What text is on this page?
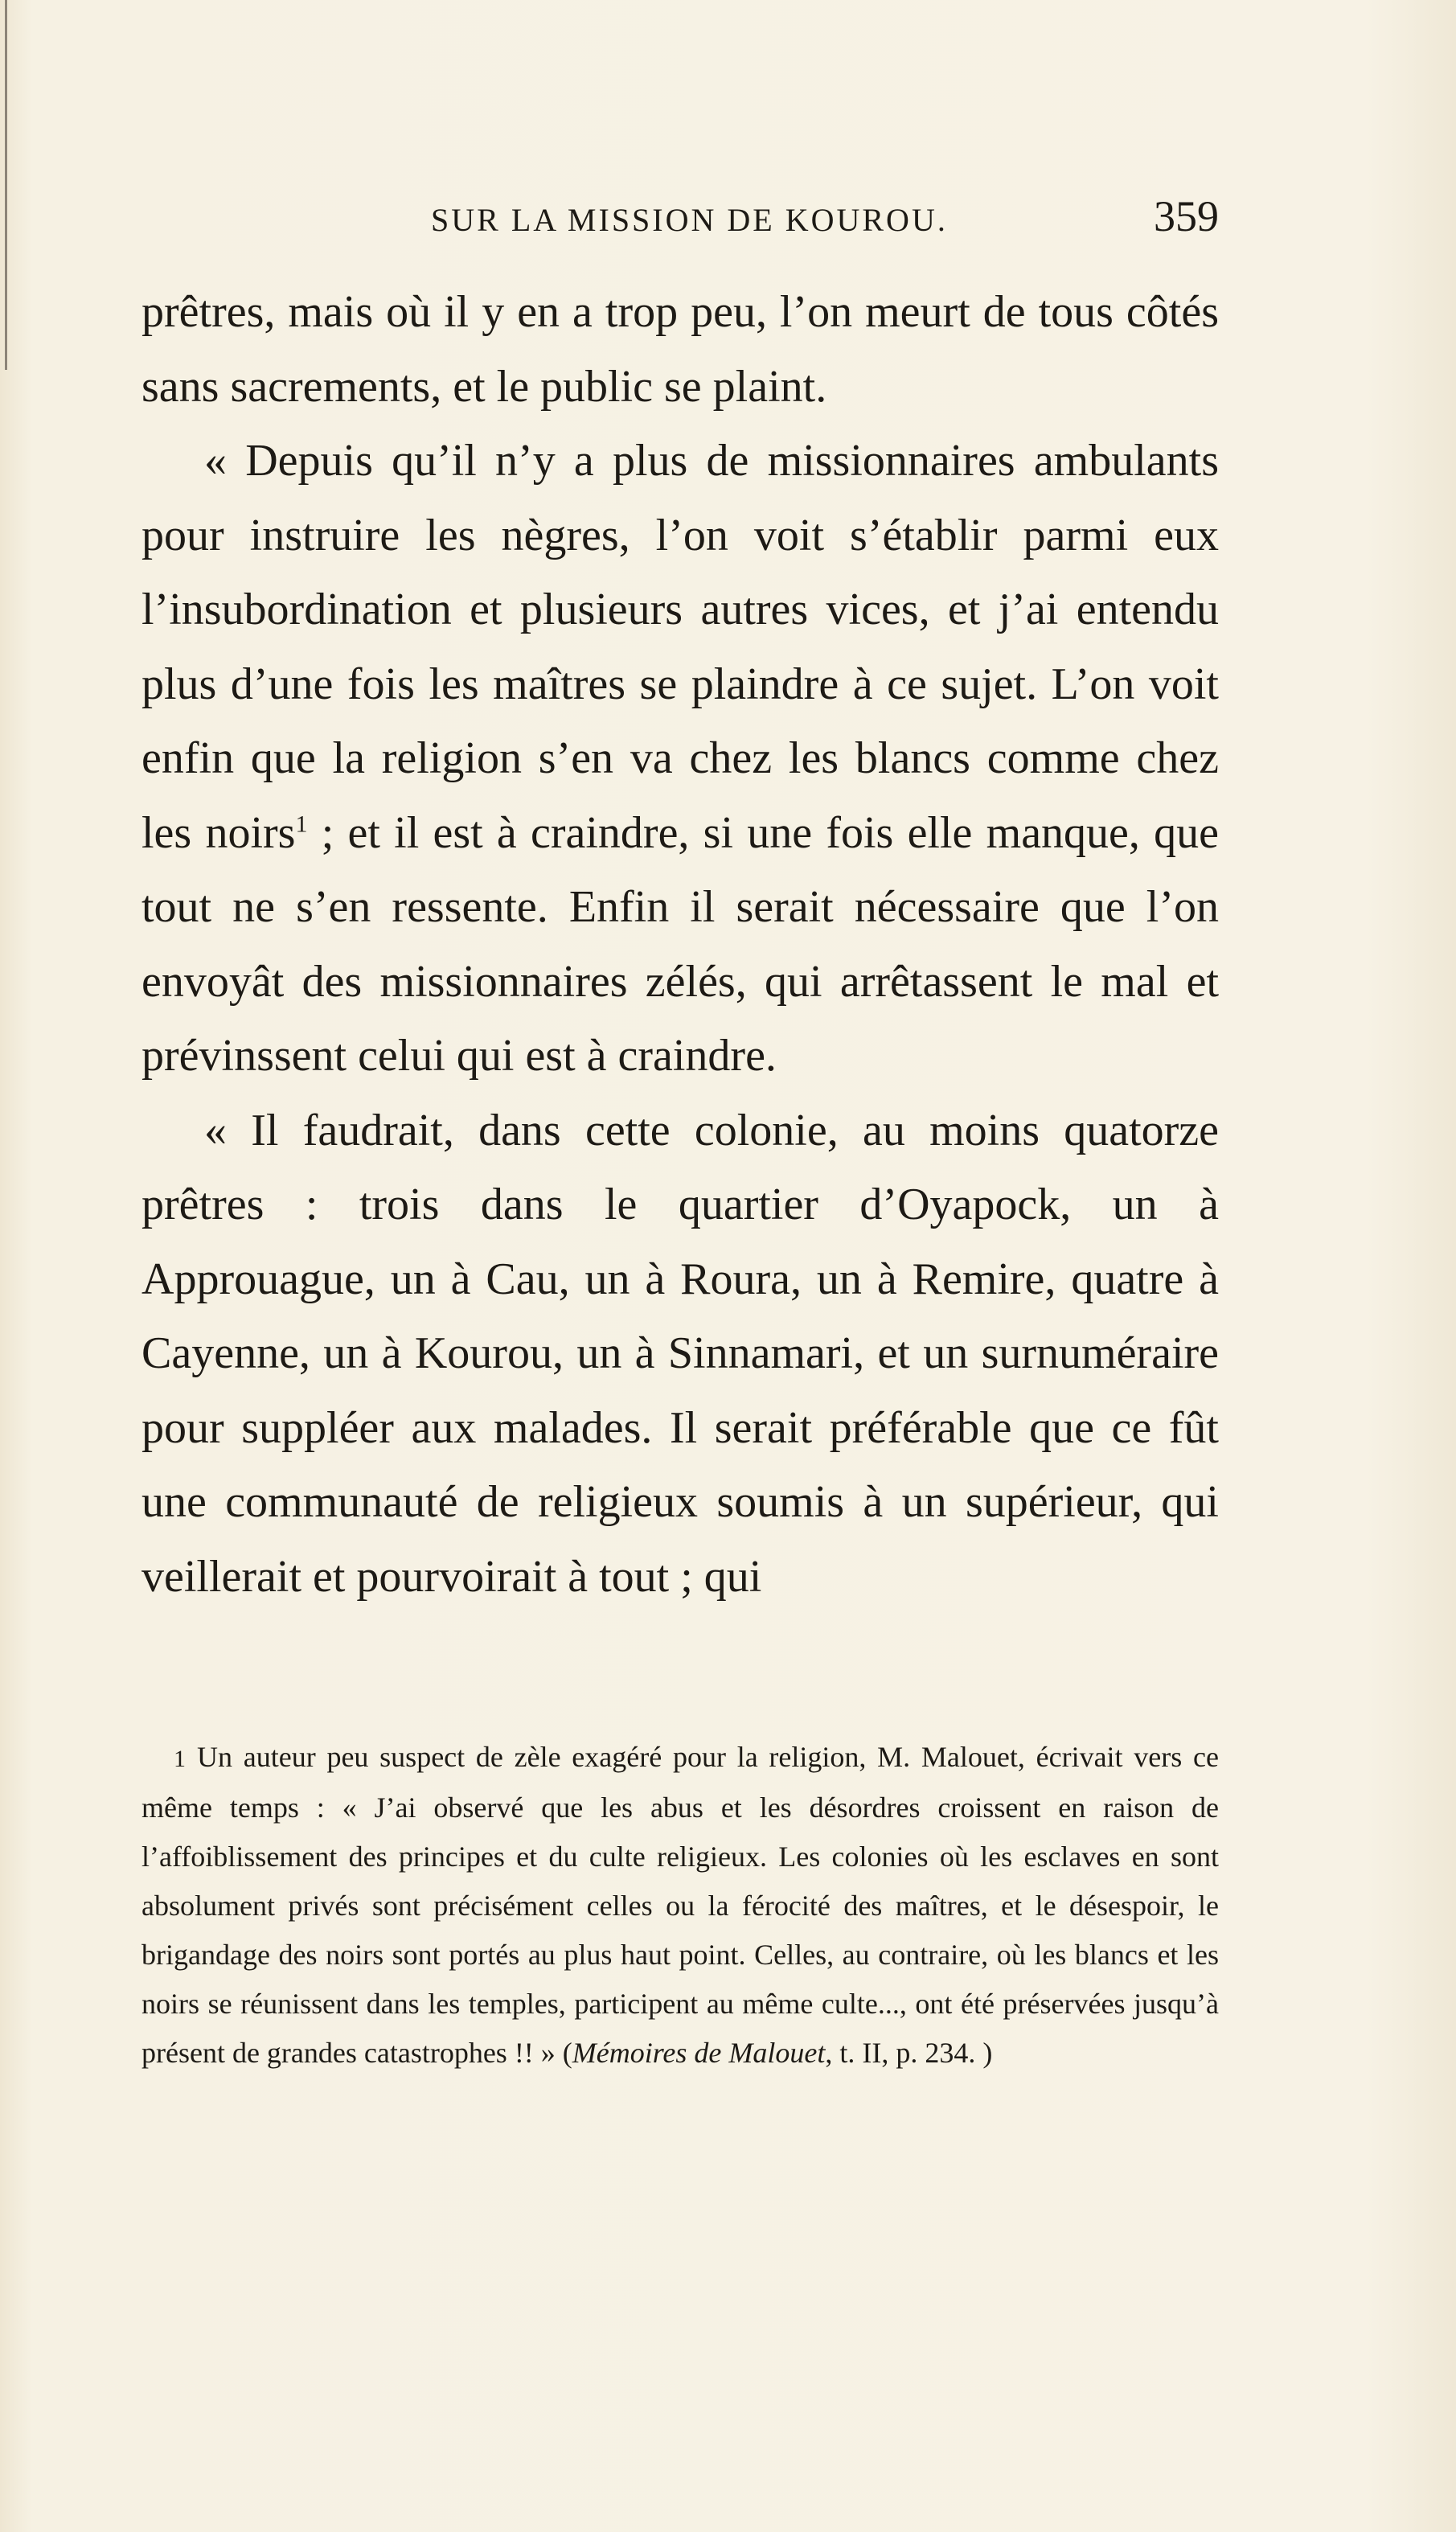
SUR LA MISSION DE KOUROU.	359

prêtres, mais où il y en a trop peu, l’on meurt de tous côtés sans sacrements, et le public se plaint.

« Depuis qu’il n’y a plus de missionnaires ambulants pour instruire les nègres, l’on voit s’établir parmi eux l’insubordination et plusieurs autres vices, et j’ai entendu plus d’une fois les maîtres se plaindre à ce sujet. L’on voit enfin que la religion s’en va chez les blancs comme chez les noirs$^1$ ; et il est à craindre, si une fois elle manque, que tout ne s’en ressente. Enfin il serait nécessaire que l’on envoyât des missionnaires zélés, qui arrêtassent le mal et prévinssent celui qui est à craindre.

« Il faudrait, dans cette colonie, au moins quatorze prêtres : trois dans le quartier d’Oyapock, un à Approuague, un à Cau, un à Roura, un à Remire, quatre à Cayenne, un à Kourou, un à Sinnamari, et un surnuméraire pour suppléer aux malades. Il serait préférable que ce fût une communauté de religieux soumis à un supérieur, qui veillerait et pourvoirait à tout ; qui

1 Un auteur peu suspect de zèle exagéré pour la religion, M. Malouet, écrivait vers ce même temps : « J’ai observé que les abus et les désordres croissent en raison de l’affoiblissement des principes et du culte religieux. Les colonies où les esclaves en sont absolument privés sont précisément celles ou la férocité des maîtres, et le désespoir, le brigandage des noirs sont portés au plus haut point. Celles, au contraire, où les blancs et les noirs se réunissent dans les temples, participent au même culte..., ont été préservées jusqu’à présent de grandes catastrophes !! » (Mémoires de Malouet, t. II, p. 234. )
